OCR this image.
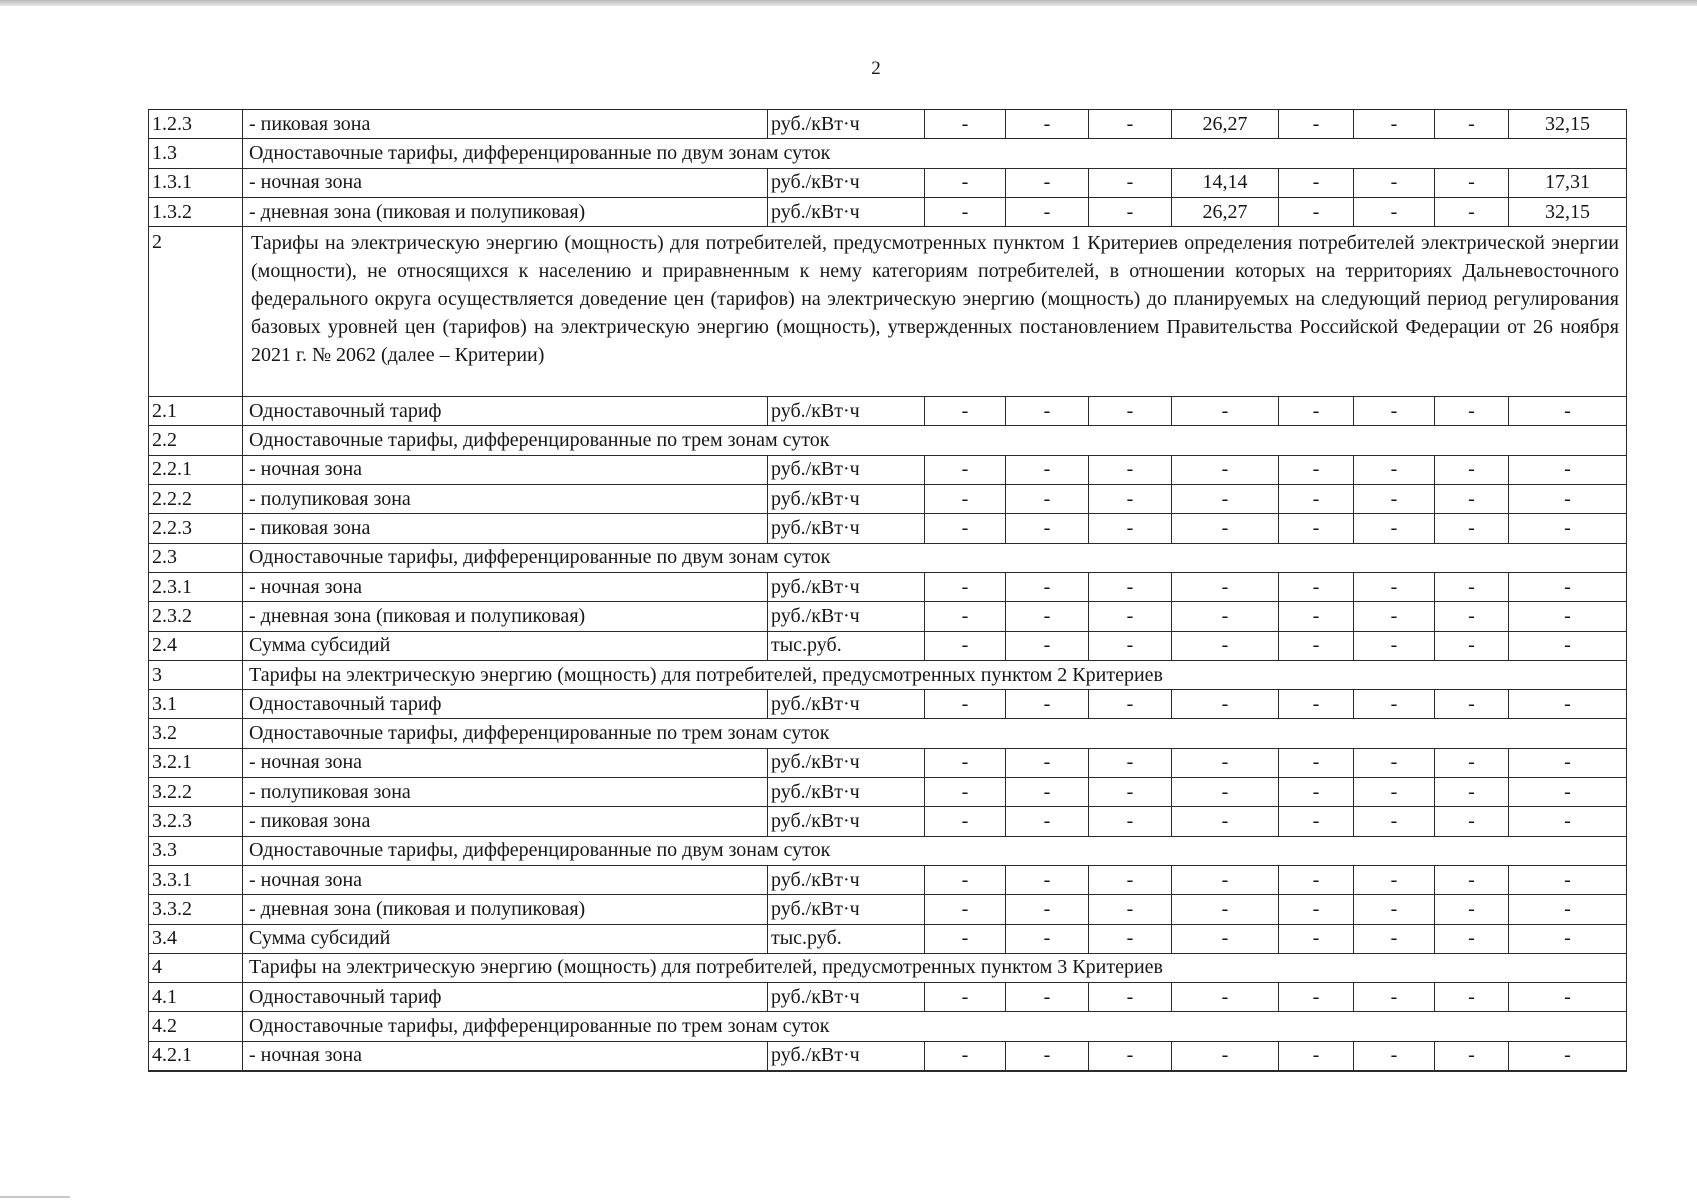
2
1.2.3	- пиковая зона	руб./кВт·ч	-	-	-	26,27	-	-	-	32,15
1.3	Одноставочные тарифы, дифференцированные по двум зонам суток									
1.3.1	- ночная зона	руб./кВт·ч	-	-	-	14,14	-	-	-	17,31
1.3.2	- дневная зона (пиковая и полупиковая)	руб./кВт·ч	-	-	-	26,27	-	-	-	32,15
2	Тарифы на электрическую энергию (мощность) для потребителей, предусмотренных пунктом 1 Критериев определения потребителей электрической энергии (мощности), не относящихся к населению и приравненным к нему категориям потребителей, в отношении которых на территориях Дальневосточного федерального округа осуществляется доведение цен (тарифов) на электрическую энергию (мощность) до планируемых на следующий период регулирования базовых уровней цен (тарифов) на электрическую энергию (мощность), утвержденных постановлением Правительства Российской Федерации от 26 ноября 2021 г. № 2062 (далее – Критерии)									
2.1	Одноставочный тариф	руб./кВт·ч	-	-	-	-	-	-	-	-
2.2	Одноставочные тарифы, дифференцированные по трем зонам суток									
2.2.1	- ночная зона	руб./кВт·ч	-	-	-	-	-	-	-	-
2.2.2	- полупиковая зона	руб./кВт·ч	-	-	-	-	-	-	-	-
2.2.3	- пиковая зона	руб./кВт·ч	-	-	-	-	-	-	-	-
2.3	Одноставочные тарифы, дифференцированные по двум зонам суток									
2.3.1	- ночная зона	руб./кВт·ч	-	-	-	-	-	-	-	-
2.3.2	- дневная зона (пиковая и полупиковая)	руб./кВт·ч	-	-	-	-	-	-	-	-
2.4	Сумма субсидий	тыс.руб.	-	-	-	-	-	-	-	-
3	Тарифы на электрическую энергию (мощность) для потребителей, предусмотренных пунктом 2 Критериев									
3.1	Одноставочный тариф	руб./кВт·ч	-	-	-	-	-	-	-	-
3.2	Одноставочные тарифы, дифференцированные по трем зонам суток									
3.2.1	- ночная зона	руб./кВт·ч	-	-	-	-	-	-	-	-
3.2.2	- полупиковая зона	руб./кВт·ч	-	-	-	-	-	-	-	-
3.2.3	- пиковая зона	руб./кВт·ч	-	-	-	-	-	-	-	-
3.3	Одноставочные тарифы, дифференцированные по двум зонам суток									
3.3.1	- ночная зона	руб./кВт·ч	-	-	-	-	-	-	-	-
3.3.2	- дневная зона (пиковая и полупиковая)	руб./кВт·ч	-	-	-	-	-	-	-	-
3.4	Сумма субсидий	тыс.руб.	-	-	-	-	-	-	-	-
4	Тарифы на электрическую энергию (мощность) для потребителей, предусмотренных пунктом 3 Критериев									
4.1	Одноставочный тариф	руб./кВт·ч	-	-	-	-	-	-	-	-
4.2	Одноставочные тарифы, дифференцированные по трем зонам суток									
4.2.1	- ночная зона	руб./кВт·ч	-	-	-	-	-	-	-	-
